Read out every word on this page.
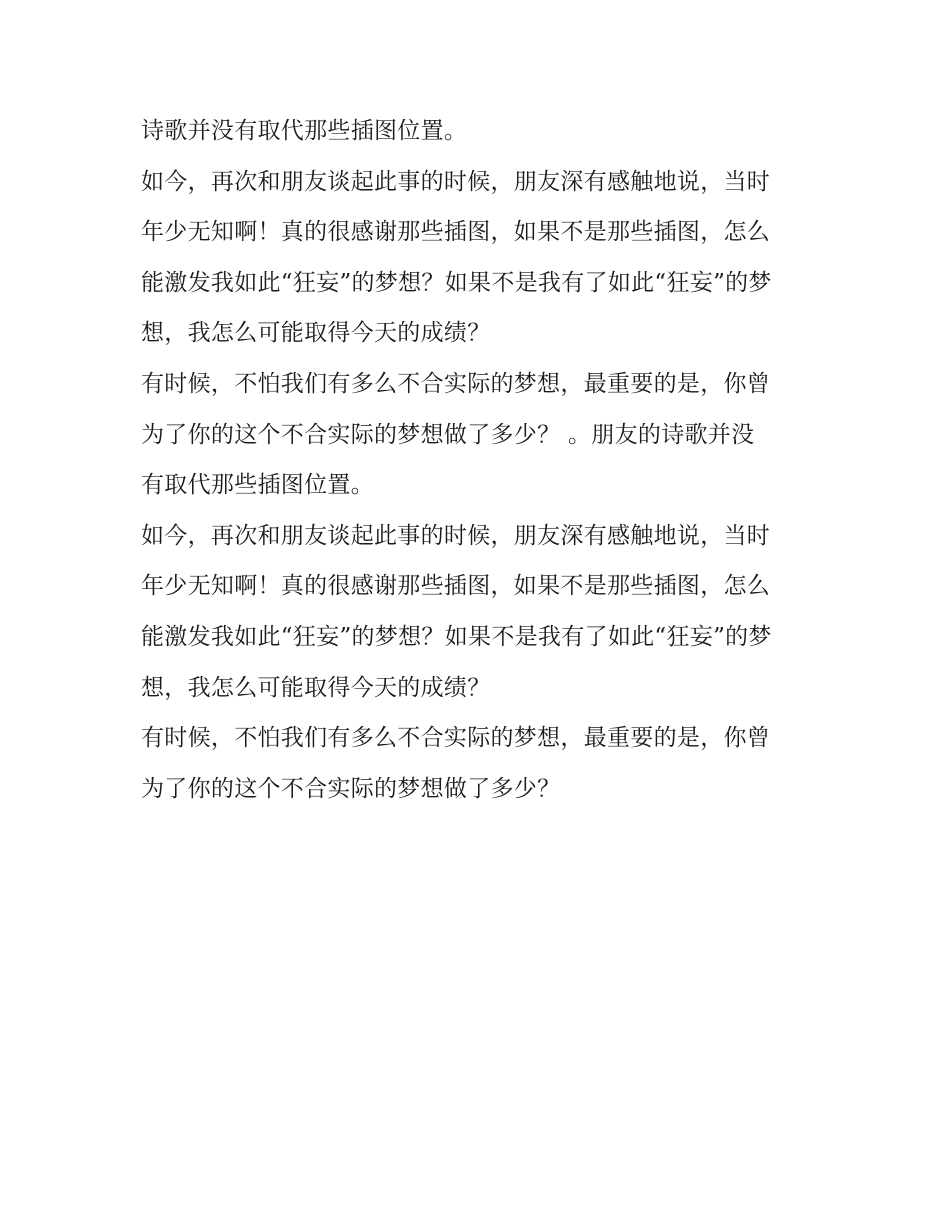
诗歌并没有取代那些插图位置。
如今，再次和朋友谈起此事的时候，朋友深有感触地说，当时
年少无知啊！真的很感谢那些插图，如果不是那些插图，怎么
能激发我如此“狂妄”的梦想？如果不是我有了如此“狂妄”的梦
想，我怎么可能取得今天的成绩？
有时候，不怕我们有多么不合实际的梦想，最重要的是，你曾
为了你的这个不合实际的梦想做了多少？ 。朋友的诗歌并没
有取代那些插图位置。
如今，再次和朋友谈起此事的时候，朋友深有感触地说，当时
年少无知啊！真的很感谢那些插图，如果不是那些插图，怎么
能激发我如此“狂妄”的梦想？如果不是我有了如此“狂妄”的梦
想，我怎么可能取得今天的成绩？
有时候，不怕我们有多么不合实际的梦想，最重要的是，你曾
为了你的这个不合实际的梦想做了多少？
